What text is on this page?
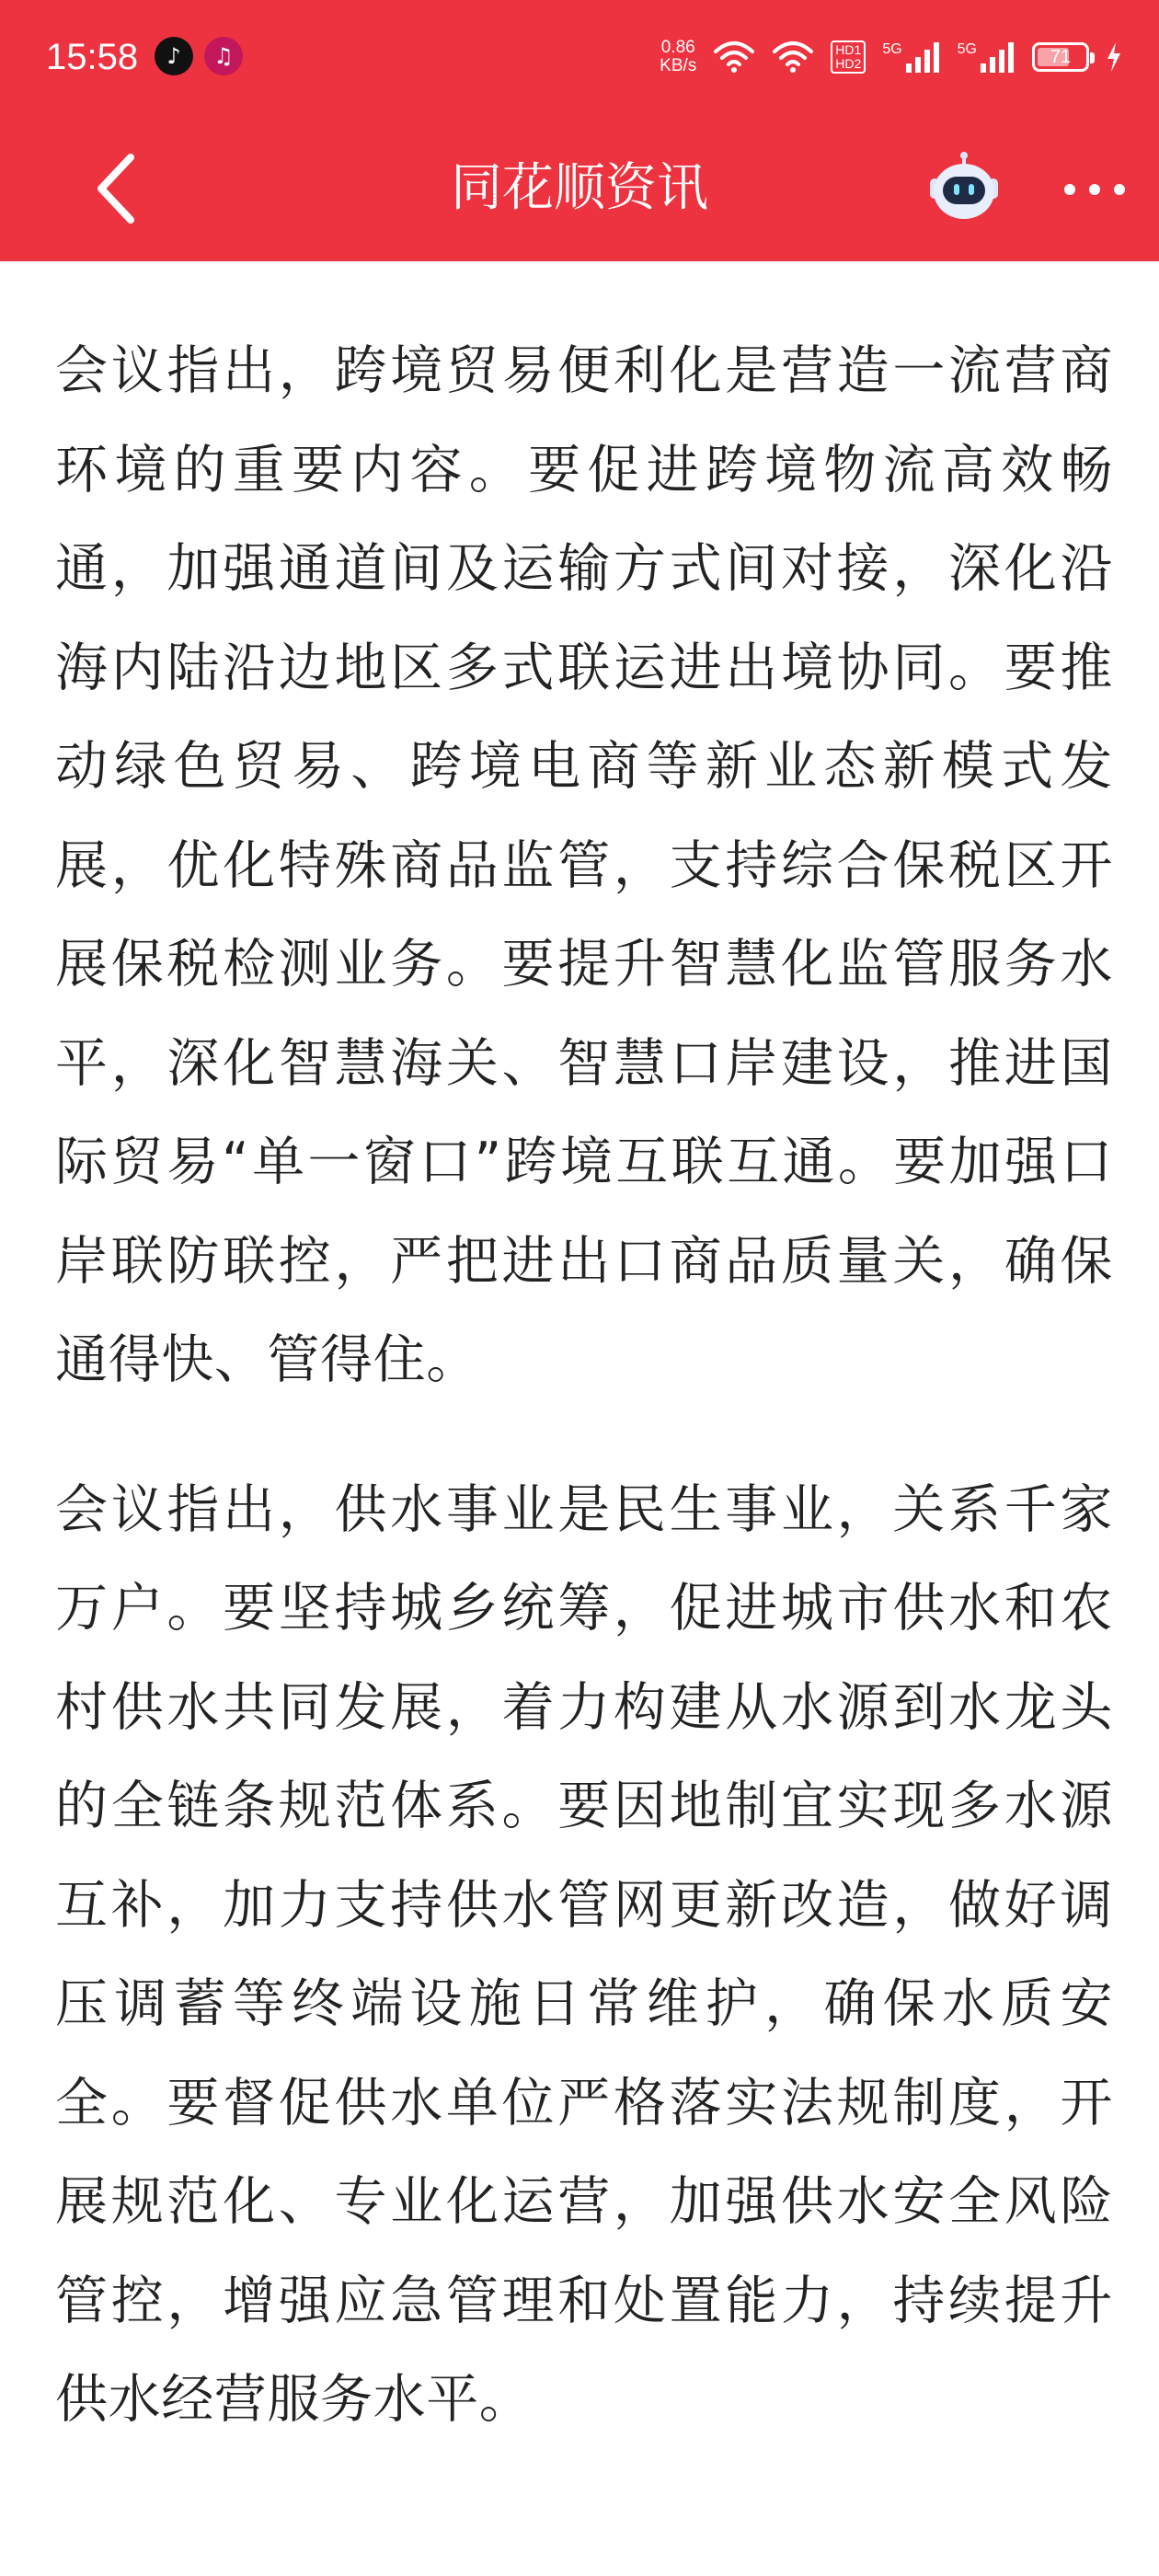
15:58	♪	♫	0.86
KB/s
HD1
HD2
5G	5G	71
同花顺资讯

会议指出，跨境贸易便利化是营造一流营商环境的重要内容。要促进跨境物流高效畅通，加强通道间及运输方式间对接，深化沿海内陆沿边地区多式联运进出境协同。要推动绿色贸易、跨境电商等新业态新模式发展，优化特殊商品监管，支持综合保税区开展保税检测业务。要提升智慧化监管服务水平，深化智慧海关、智慧口岸建设，推进国际贸易“单一窗口”跨境互联互通。要加强口岸联防联控，严把进出口商品质量关，确保通得快、管得住。

会议指出，供水事业是民生事业，关系千家万户。要坚持城乡统筹，促进城市供水和农村供水共同发展，着力构建从水源到水龙头的全链条规范体系。要因地制宜实现多水源互补，加力支持供水管网更新改造，做好调压调蓄等终端设施日常维护，确保水质安全。要督促供水单位严格落实法规制度，开展规范化、专业化运营，加强供水安全风险管控，增强应急管理和处置能力，持续提升供水经营服务水平。
